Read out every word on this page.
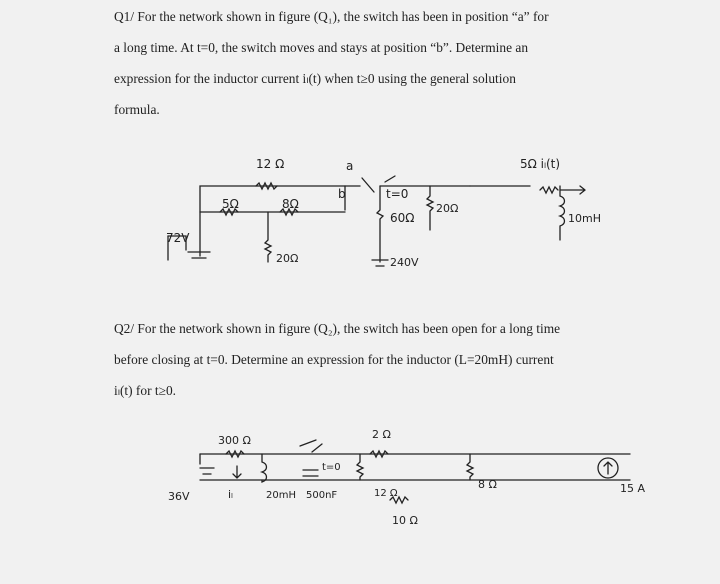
Q1/ For the network shown in figure (Q₁), the switch has been in position “a” for
a long time. At t=0, the switch moves and stays at position “b”. Determine an
expression for the inductor current iₗ(t) when t≥0 using the general solution
formula.
Q2/ For the network shown in figure (Q₂), the switch has been open for a long time
before closing at t=0. Determine an expression for the inductor (L=20mH) current
iₗ(t) for t≥0.
72V
12 Ω
5Ω	8Ω
20Ω
a
b	t=0
60Ω
240V
20Ω
5Ω iₗ(t)
10mH
300 Ω
36V	iₗ	20mH
t=0
500nF
2 Ω
12 Ω
10 Ω
8 Ω	15 A
